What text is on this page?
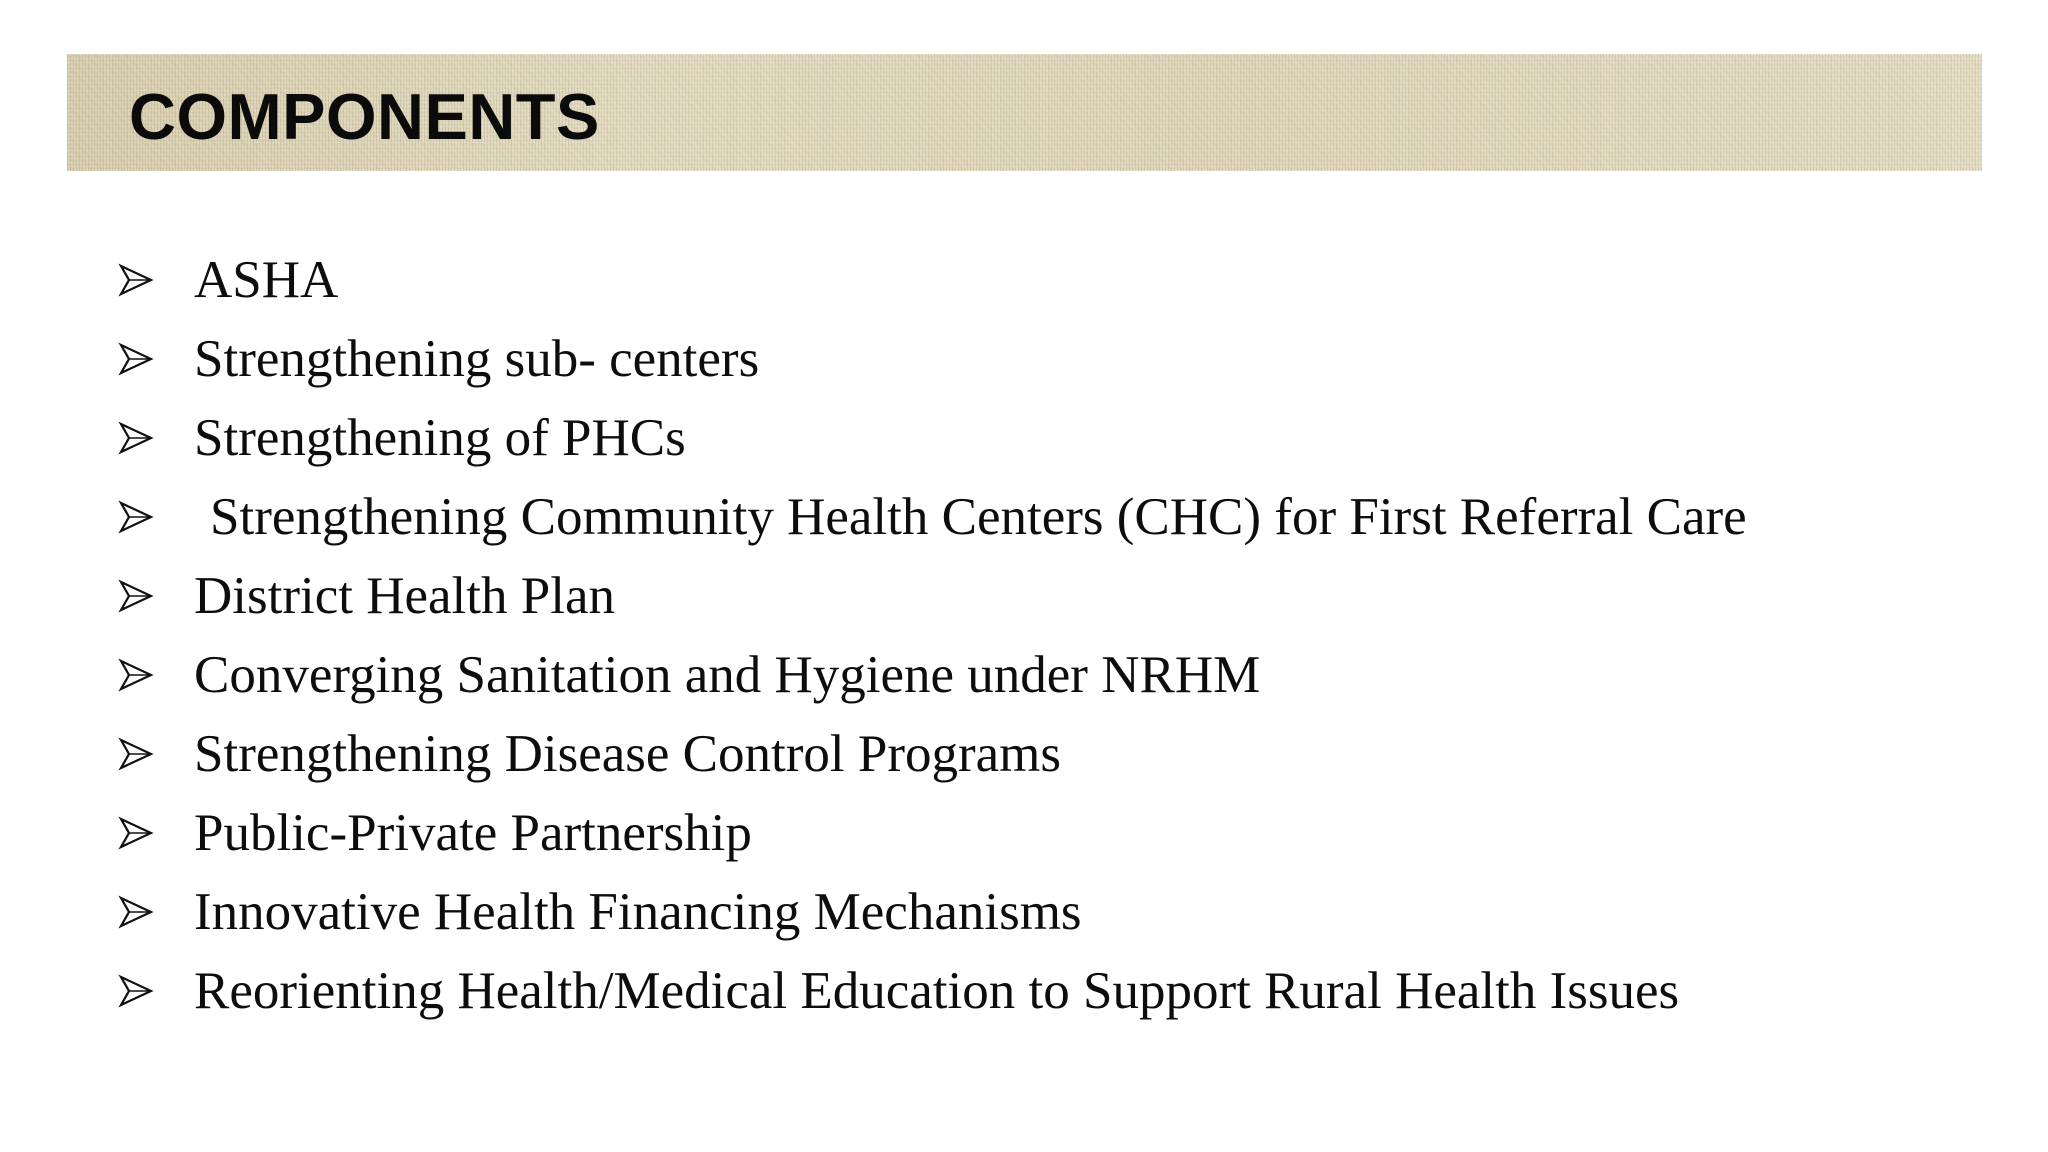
COMPONENTS
ASHA
Strengthening sub- centers
Strengthening of PHCs
Strengthening Community Health Centers (CHC) for First Referral Care
District Health Plan
Converging Sanitation and Hygiene under NRHM
Strengthening Disease Control Programs
Public-Private Partnership
Innovative Health Financing Mechanisms
Reorienting Health/Medical Education to Support Rural Health Issues
